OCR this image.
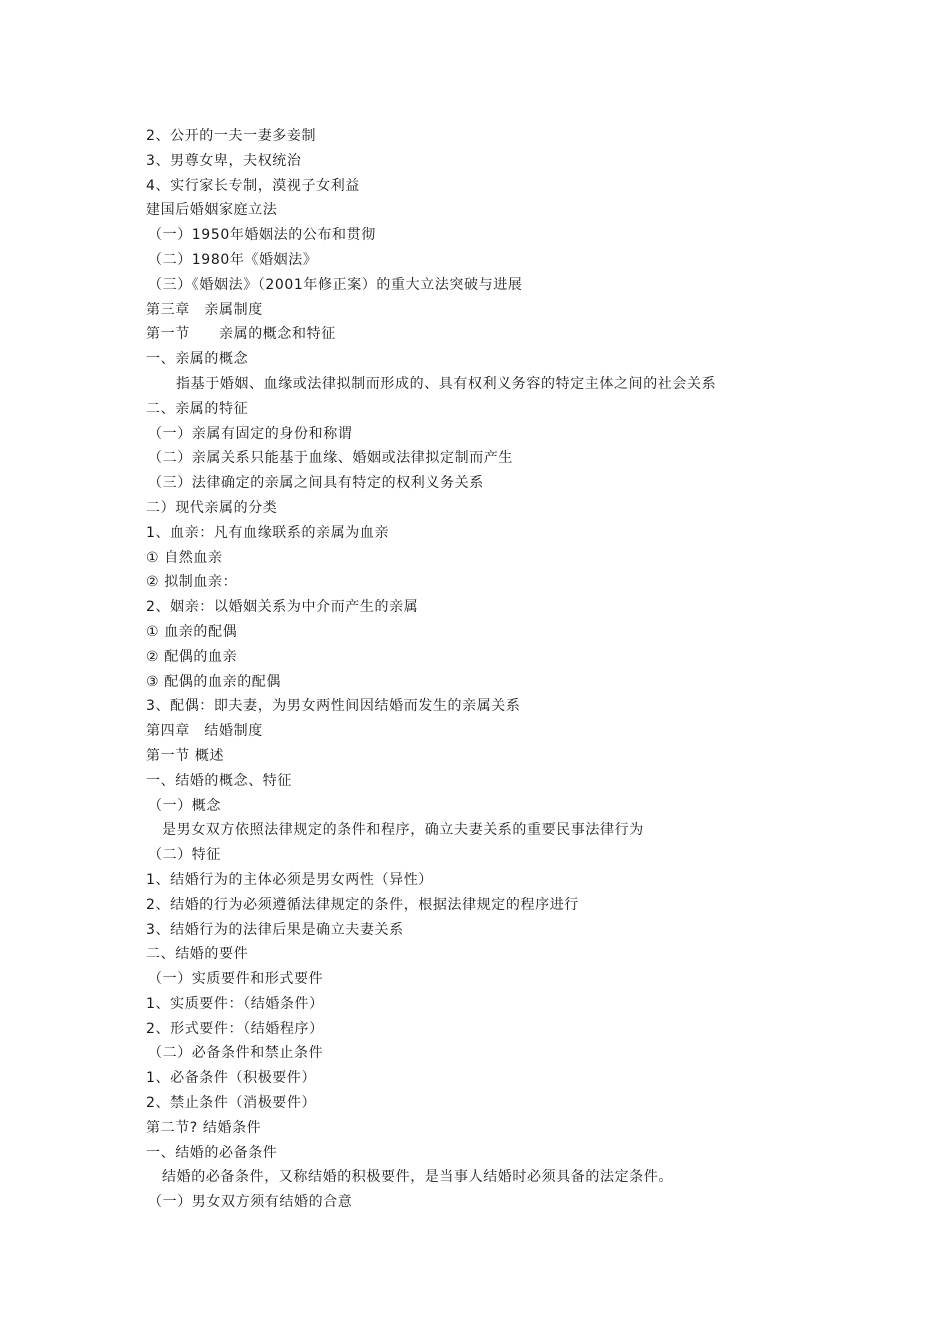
2、公开的一夫一妻多妾制
3、男尊女卑，夫权统治
4、实行家长专制，漠视子女利益
建国后婚姻家庭立法
（一）1950年婚姻法的公布和贯彻
（二）1980年《婚姻法》
（三）《婚姻法》（2001年修正案）的重大立法突破与进展
第三章　亲属制度
第一节　　亲属的概念和特征
一、亲属的概念
指基于婚姻、血缘或法律拟制而形成的、具有权利义务容的特定主体之间的社会关系
二、亲属的特征
（一）亲属有固定的身份和称谓
（二）亲属关系只能基于血缘、婚姻或法律拟定制而产生
（三）法律确定的亲属之间具有特定的权利义务关系
二）现代亲属的分类
1、血亲：凡有血缘联系的亲属为血亲
① 自然血亲
② 拟制血亲：
2、姻亲：以婚姻关系为中介而产生的亲属
① 血亲的配偶
② 配偶的血亲
③ 配偶的血亲的配偶
3、配偶：即夫妻，为男女两性间因结婚而发生的亲属关系
第四章　结婚制度
第一节 概述
一、结婚的概念、特征
（一）概念
是男女双方依照法律规定的条件和程序，确立夫妻关系的重要民事法律行为
（二）特征
1、结婚行为的主体必须是男女两性（异性）
2、结婚的行为必须遵循法律规定的条件，根据法律规定的程序进行
3、结婚行为的法律后果是确立夫妻关系
二、结婚的要件
（一）实质要件和形式要件
1、实质要件：（结婚条件）
2、形式要件：（结婚程序）
（二）必备条件和禁止条件
1、必备条件（积极要件）
2、禁止条件（消极要件）
第二节? 结婚条件
一、结婚的必备条件
结婚的必备条件，又称结婚的积极要件，是当事人结婚时必须具备的法定条件。
（一）男女双方须有结婚的合意
